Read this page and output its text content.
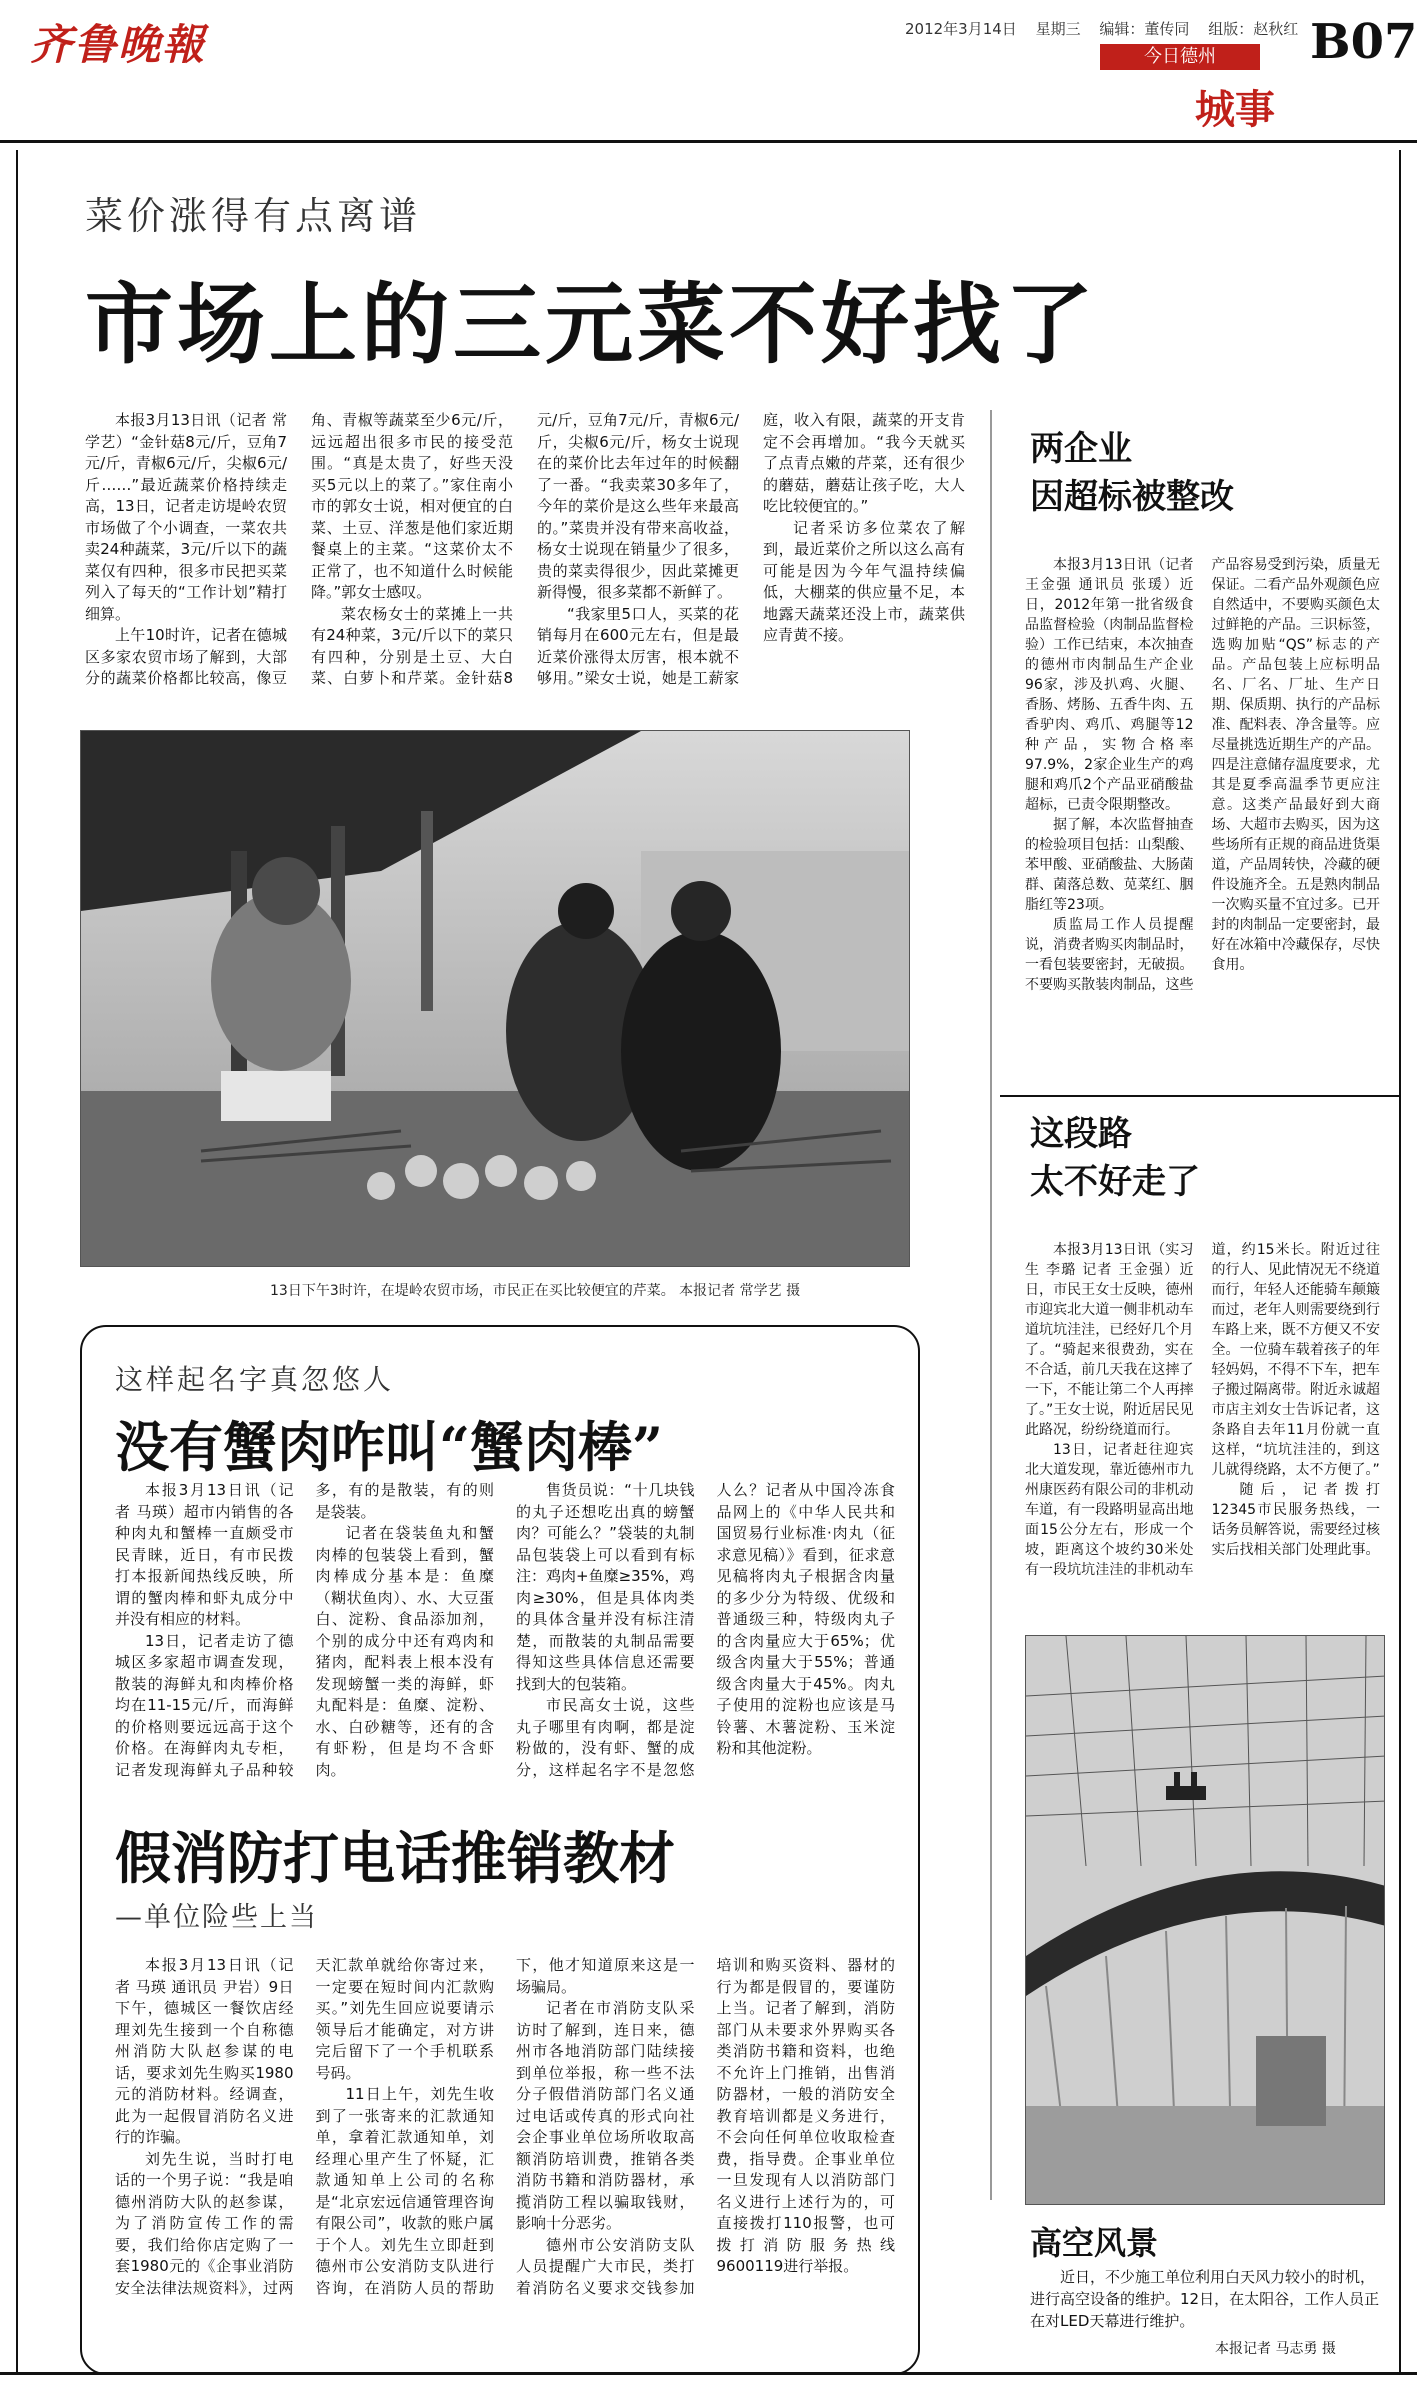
齐鲁晚報	2012年3月14日 星期三 编辑：董传同 组版：赵秋红
今日德州
城事
B07
菜价涨得有点离谱
市场上的三元菜不好找了

本报3月13日讯（记者 常学艺）“金针菇8元/斤，豆角7元/斤，青椒6元/斤，尖椒6元/斤……”最近蔬菜价格持续走高，13日，记者走访堤岭农贸市场做了个小调查，一菜农共卖24种蔬菜，3元/斤以下的蔬菜仅有四种，很多市民把买菜列入了每天的“工作计划”精打细算。

上午10时许，记者在德城区多家农贸市场了解到，大部分的蔬菜价格都比较高，像豆角、青椒等蔬菜至少6元/斤，远远超出很多市民的接受范围。“真是太贵了，好些天没买5元以上的菜了。”家住南小市的郭女士说，相对便宜的白菜、土豆、洋葱是他们家近期餐桌上的主菜。“这菜价太不正常了，也不知道什么时候能降。”郭女士感叹。

菜农杨女士的菜摊上一共有24种菜，3元/斤以下的菜只有四种，分别是土豆、大白菜、白萝卜和芹菜。金针菇8元/斤，豆角7元/斤，青椒6元/斤，尖椒6元/斤，杨女士说现在的菜价比去年过年的时候翻了一番。“我卖菜30多年了，今年的菜价是这么些年来最高的。”菜贵并没有带来高收益，杨女士说现在销量少了很多，贵的菜卖得很少，因此菜摊更新得慢，很多菜都不新鲜了。

“我家里5口人，买菜的花销每月在600元左右，但是最近菜价涨得太厉害，根本就不够用。”梁女士说，她是工薪家庭，收入有限，蔬菜的开支肯定不会再增加。“我今天就买了点青点嫩的芹菜，还有很少的蘑菇，蘑菇让孩子吃，大人吃比较便宜的。”

记者采访多位菜农了解到，最近菜价之所以这么高有可能是因为今年气温持续偏低，大棚菜的供应量不足，本地露天蔬菜还没上市，蔬菜供应青黄不接。

13日下午3时许，在堤岭农贸市场，市民正在买比较便宜的芹菜。 本报记者 常学艺 摄
两企业
因超标被整改

本报3月13日讯（记者 王金强 通讯员 张瑗）近日，2012年第一批省级食品监督检验（肉制品监督检验）工作已结束，本次抽查的德州市肉制品生产企业96家，涉及扒鸡、火腿、香肠、烤肠、五香牛肉、五香驴肉、鸡爪、鸡腿等12种产品，实物合格率97.9%，2家企业生产的鸡腿和鸡爪2个产品亚硝酸盐超标，已责令限期整改。

据了解，本次监督抽查的检验项目包括：山梨酸、苯甲酸、亚硝酸盐、大肠菌群、菌落总数、苋菜红、胭脂红等23项。

质监局工作人员提醒说，消费者购买肉制品时，一看包装要密封，无破损。不要购买散装肉制品，这些产品容易受到污染，质量无保证。二看产品外观颜色应自然适中，不要购买颜色太过鲜艳的产品。三识标签，选购加贴“QS”标志的产品。产品包装上应标明品名、厂名、厂址、生产日期、保质期、执行的产品标准、配料表、净含量等。应尽量挑选近期生产的产品。四是注意储存温度要求，尤其是夏季高温季节更应注意。这类产品最好到大商场、大超市去购买，因为这些场所有正规的商品进货渠道，产品周转快，冷藏的硬件设施齐全。五是熟肉制品一次购买量不宜过多。已开封的肉制品一定要密封，最好在冰箱中冷藏保存，尽快食用。

这段路
太不好走了

本报3月13日讯（实习生 李璐 记者 王金强）近日，市民王女士反映，德州市迎宾北大道一侧非机动车道坑坑洼洼，已经好几个月了。“骑起来很费劲，实在不合适，前几天我在这摔了一下，不能让第二个人再摔了。”王女士说，附近居民见此路况，纷纷绕道而行。

13日，记者赶往迎宾北大道发现，靠近德州市九州康医药有限公司的非机动车道，有一段路明显高出地面15公分左右，形成一个坡，距离这个坡约30米处有一段坑坑洼洼的非机动车道，约15米长。附近过往的行人、见此情况无不绕道而行，年轻人还能骑车颠簸而过，老年人则需要绕到行车路上来，既不方便又不安全。一位骑车载着孩子的年轻妈妈，不得不下车，把车子搬过隔离带。附近永诚超市店主刘女士告诉记者，这条路自去年11月份就一直这样，“坑坑洼洼的，到这儿就得绕路，太不方便了。”

随后，记者拨打12345市民服务热线，一话务员解答说，需要经过核实后找相关部门处理此事。

这样起名字真忽悠人
没有蟹肉咋叫“蟹肉棒”

本报3月13日讯（记者 马瑛）超市内销售的各种肉丸和蟹棒一直颇受市民青睐，近日，有市民拨打本报新闻热线反映，所谓的蟹肉棒和虾丸成分中并没有相应的材料。

13日，记者走访了德城区多家超市调查发现，散装的海鲜丸和肉棒价格均在11-15元/斤，而海鲜的价格则要远远高于这个价格。在海鲜肉丸专柜，记者发现海鲜丸子品种较多，有的是散装，有的则是袋装。

记者在袋装鱼丸和蟹肉棒的包装袋上看到，蟹肉棒成分基本是：鱼糜（糊状鱼肉）、水、大豆蛋白、淀粉、食品添加剂，个别的成分中还有鸡肉和猪肉，配料表上根本没有发现螃蟹一类的海鲜，虾丸配料是：鱼糜、淀粉、水、白砂糖等，还有的含有虾粉，但是均不含虾肉。

售货员说：“十几块钱的丸子还想吃出真的螃蟹肉？可能么？”袋装的丸制品包装袋上可以看到有标注：鸡肉+鱼糜≥35%，鸡肉≥30%，但是具体肉类的具体含量并没有标注清楚，而散装的丸制品需要得知这些具体信息还需要找到大的包装箱。

市民高女士说，这些丸子哪里有肉啊，都是淀粉做的，没有虾、蟹的成分，这样起名字不是忽悠人么？记者从中国冷冻食品网上的《中华人民共和国贸易行业标准·肉丸（征求意见稿）》看到，征求意见稿将肉丸子根据含肉量的多少分为特级、优级和普通级三种，特级肉丸子的含肉量应大于65%；优级含肉量大于55%；普通级含肉量大于45%。肉丸子使用的淀粉也应该是马铃薯、木薯淀粉、玉米淀粉和其他淀粉。

假消防打电话推销教材
—单位险些上当

本报3月13日讯（记者 马瑛 通讯员 尹岩）9日下午，德城区一餐饮店经理刘先生接到一个自称德州消防大队赵参谋的电话，要求刘先生购买1980元的消防材料。经调查，此为一起假冒消防名义进行的诈骗。

刘先生说，当时打电话的一个男子说：“我是咱德州消防大队的赵参谋，为了消防宣传工作的需要，我们给你店定购了一套1980元的《企事业消防安全法律法规资料》，过两天汇款单就给你寄过来，一定要在短时间内汇款购买。”刘先生回应说要请示领导后才能确定，对方讲完后留下了一个手机联系号码。

11日上午，刘先生收到了一张寄来的汇款通知单，拿着汇款通知单，刘经理心里产生了怀疑，汇款通知单上公司的名称是“北京宏远信通管理咨询有限公司”，收款的账户属于个人。刘先生立即赶到德州市公安消防支队进行咨询，在消防人员的帮助下，他才知道原来这是一场骗局。

记者在市消防支队采访时了解到，连日来，德州市各地消防部门陆续接到单位举报，称一些不法分子假借消防部门名义通过电话或传真的形式向社会企事业单位场所收取高额消防培训费，推销各类消防书籍和消防器材，承揽消防工程以骗取钱财，影响十分恶劣。

德州市公安消防支队人员提醒广大市民，类打着消防名义要求交钱参加培训和购买资料、器材的行为都是假冒的，要谨防上当。记者了解到，消防部门从未要求外界购买各类消防书籍和资料，也绝不允许上门推销，出售消防器材，一般的消防安全教育培训都是义务进行，不会向任何单位收取检查费，指导费。企事业单位一旦发现有人以消防部门名义进行上述行为的，可直接拨打110报警，也可拨打消防服务热线9600119进行举报。

高空风景
近日，不少施工单位利用白天风力较小的时机，进行高空设备的维护。12日，在太阳谷，工作人员正在对LED天幕进行维护。
本报记者 马志勇 摄
